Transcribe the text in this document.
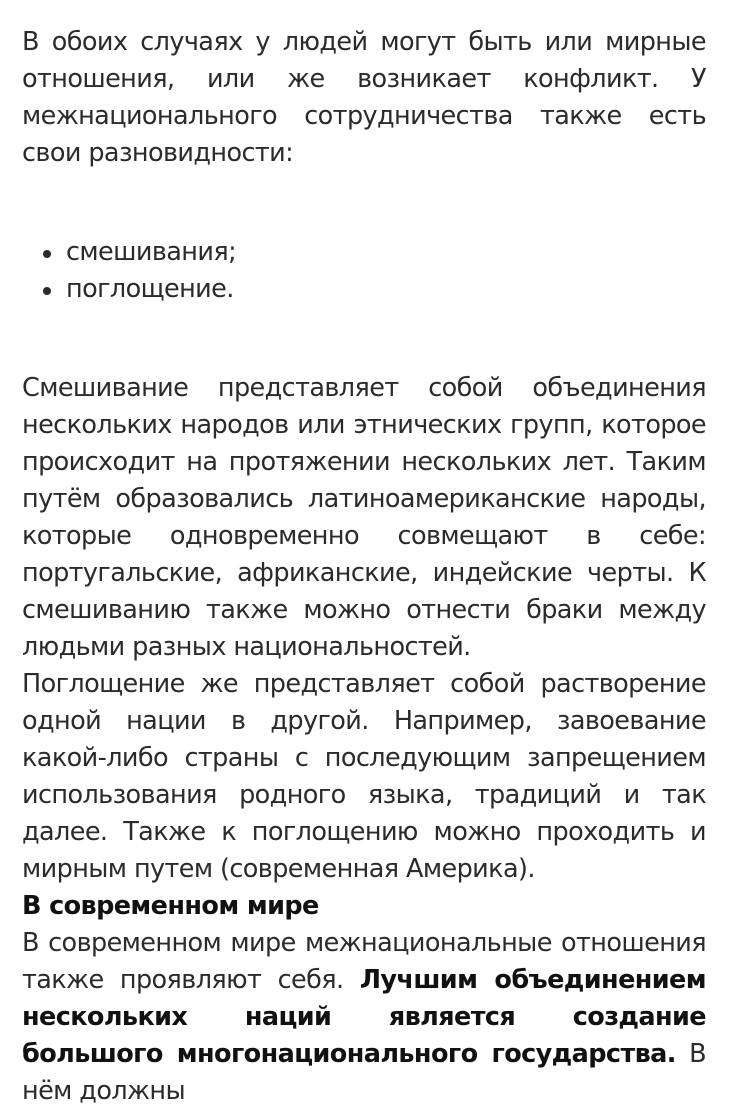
В обоих случаях у людей могут быть или мирные отношения, или же возникает конфликт. У межнационального сотрудничества также есть свои разновидности:

смешивания;
поглощение.

Смешивание представляет собой объединения нескольких народов или этнических групп, которое происходит на протяжении нескольких лет. Таким путём образовались латиноамериканские народы, которые одновременно совмещают в себе: португальские, африканские, индейские черты. К смешиванию также можно отнести браки между людьми разных национальностей.

Поглощение же представляет собой растворение одной нации в другой. Например, завоевание какой-либо страны с последующим запрещением использования родного языка, традиций и так далее. Также к поглощению можно проходить и мирным путем (современная Америка).

В современном мире

В современном мире межнациональные отношения также проявляют себя. Лучшим объединением нескольких наций является создание большого многонационального государства. В нём должны
